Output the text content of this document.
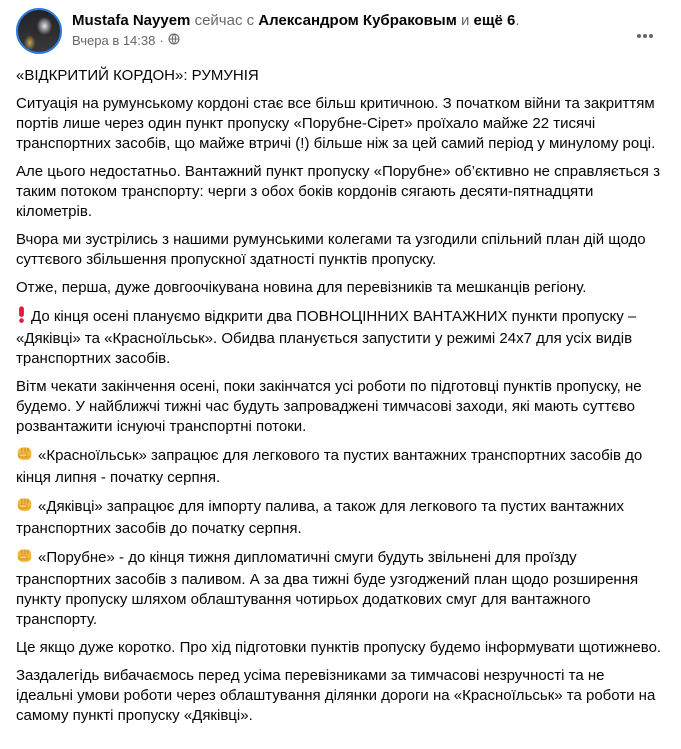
Mustafa Nayyem сейчас с Александром Кубраковым и ещё 6.
Вчера в 14:38 ·

«ВІДКРИТИЙ КОРДОН»: РУМУНІЯ

Ситуація на румунському кордоні стає все більш критичною. З початком війни та закриттям портів лише через один пункт пропуску «Порубне-Сірет» проїхало майже 22 тисячі транспортних засобів, що майже втричі (!) більше ніж за цей самий період у минулому році.

Але цього недостатньо. Вантажний пункт пропуску «Порубне» об’єктивно не справляється з таким потоком транспорту: черги з обох боків кордонів сягають десяти-пятнадцяти кілометрів.

Вчора ми зустрілись з нашими румунськими колегами та узгодили спільний план дій щодо суттєвого збільшення пропускної здатності пунктів пропуску.

Отже, перша, дуже довгоочікувана новина для перевізників та мешканців регіону.

До кінця осені плануємо відкрити два ПОВНОЦІННИХ ВАНТАЖНИХ пункти пропуску – «Дяківці» та «Красноїльськ». Обидва планується запустити у режимі 24х7 для усіх видів транспортних засобів.

Вітм чекати закінчення осені, поки закінчатся усі роботи по підготовці пунктів пропуску, не будемо. У найближчі тижні час будуть запроваджені тимчасові заходи, які мають суттєво розвантажити існуючі транспортні потоки.

«Красноїльськ» запрацює для легкового та пустих вантажних транспортних засобів до кінця липня - початку серпня.

«Дяківці» запрацює для імпорту палива, а також для легкового та пустих вантажних транспортних засобів до початку серпня.

«Порубне» - до кінця тижня дипломатичні смуги будуть звільнені для проїзду транспортних засобів з паливом. А за два тижні буде узгоджений план щодо розширення пункту пропуску шляхом облаштування чотирьох додаткових смуг для вантажного транспорту.

Це якщо дуже коротко. Про хід підготовки пунктів пропуску будемо інформувати щотижнево.

Заздалегідь вибачаємось перед усіма перевізниками за тимчасові незручності та не ідеальні умови роботи через облаштування ділянки дороги на «Красноїльськ» та роботи на самому пункті пропуску «Дяківці».
